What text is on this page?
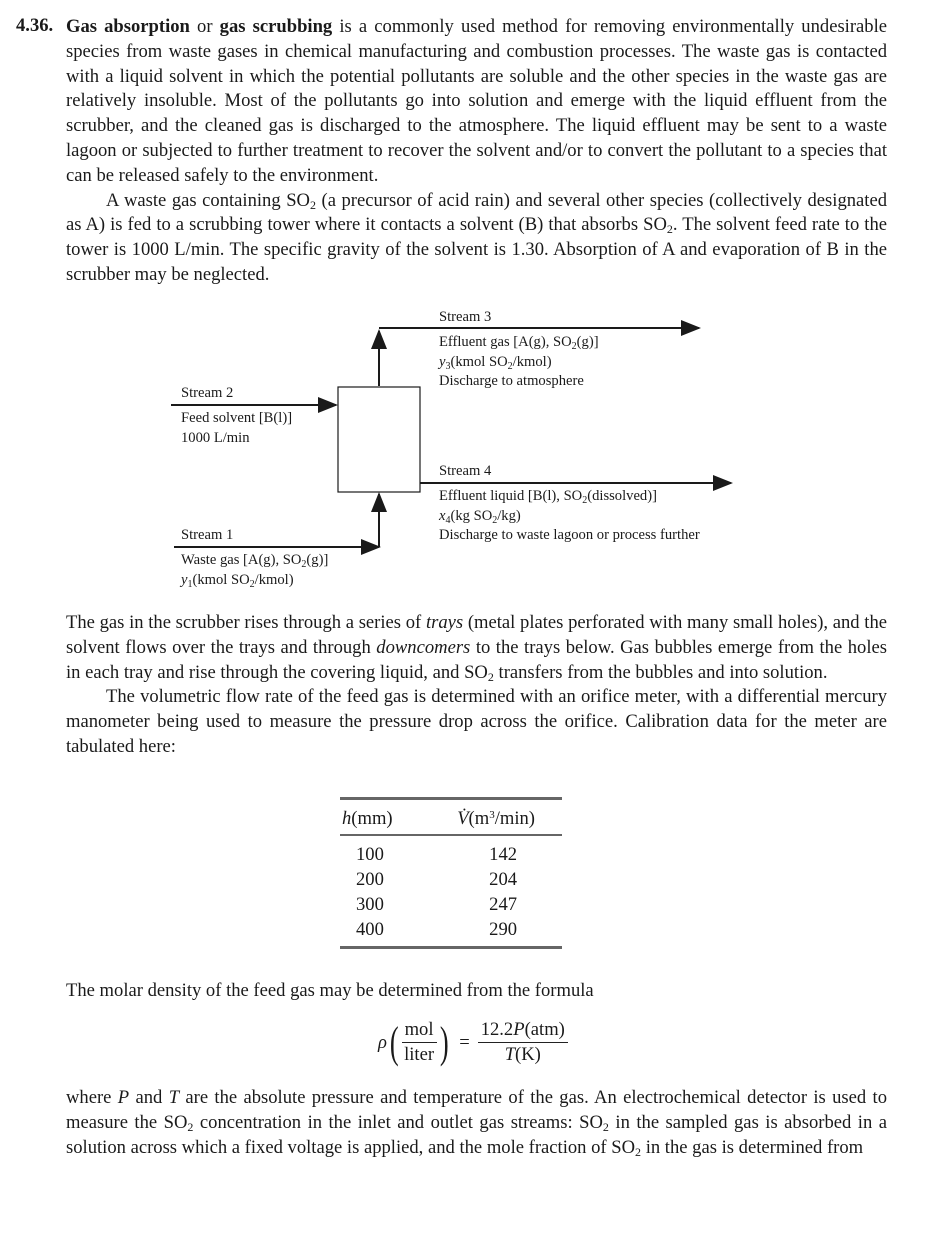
4.36. Gas absorption or gas scrubbing is a commonly used method for removing environmentally undesirable species from waste gases in chemical manufacturing and combustion processes. The waste gas is contacted with a liquid solvent in which the potential pollutants are soluble and the other species in the waste gas are relatively insoluble. Most of the pollutants go into solution and emerge with the liquid effluent from the scrubber, and the cleaned gas is discharged to the atmosphere. The liquid effluent may be sent to a waste lagoon or subjected to further treatment to recover the solvent and/or to convert the pollutant to a species that can be released safely to the environment.

A waste gas containing $SO_2$ (a precursor of acid rain) and several other species (collectively designated as A) is fed to a scrubbing tower where it contacts a solvent (B) that absorbs $SO_2$. The solvent feed rate to the tower is 1000 L/min. The specific gravity of the solvent is 1.30. Absorption of A and evaporation of B in the scrubber may be neglected.

Stream 2
Feed solvent [B(l)]
1000 L/min
Stream 1
Waste gas [A(g), $SO_2(g)$]
$y_1(kmol$ $SO_2/kmol$)
Stream 3
Effluent gas [A(g), $SO_2(g)$]
$y_3(kmol$ $SO_2/kmol$)
Discharge to atmosphere
Stream 4
Effluent liquid [B(l), $SO_2(dissolved)$]
$x_4(kg$ $SO_2/kg$)
Discharge to waste lagoon or process further

The gas in the scrubber rises through a series of trays (metal plates perforated with many small holes), and the solvent flows over the trays and through downcomers to the trays below. Gas bubbles emerge from the holes in each tray and rise through the covering liquid, and $SO_2$ transfers from the bubbles and into solution.

The volumetric flow rate of the feed gas is determined with an orifice meter, with a differential mercury manometer being used to measure the pressure drop across the orifice. Calibration data for the meter are tabulated here:

h(mm)	$V̇(m^3/\min)$
100	142
200	204
300	247
400	290

The molar density of the feed gas may be determined from the formula

ρ ( $\frac{\text{mol}}{\text{liter}}$ ) = $\frac{\text{12.2P(atm)}}{T(K)}$

where P and T are the absolute pressure and temperature of the gas. An electrochemical detector is used to measure the $SO_2$ concentration in the inlet and outlet gas streams: $SO_2$ in the sampled gas is absorbed in a solution across which a fixed voltage is applied, and the mole fraction of $SO_2$ in the gas is determined from
